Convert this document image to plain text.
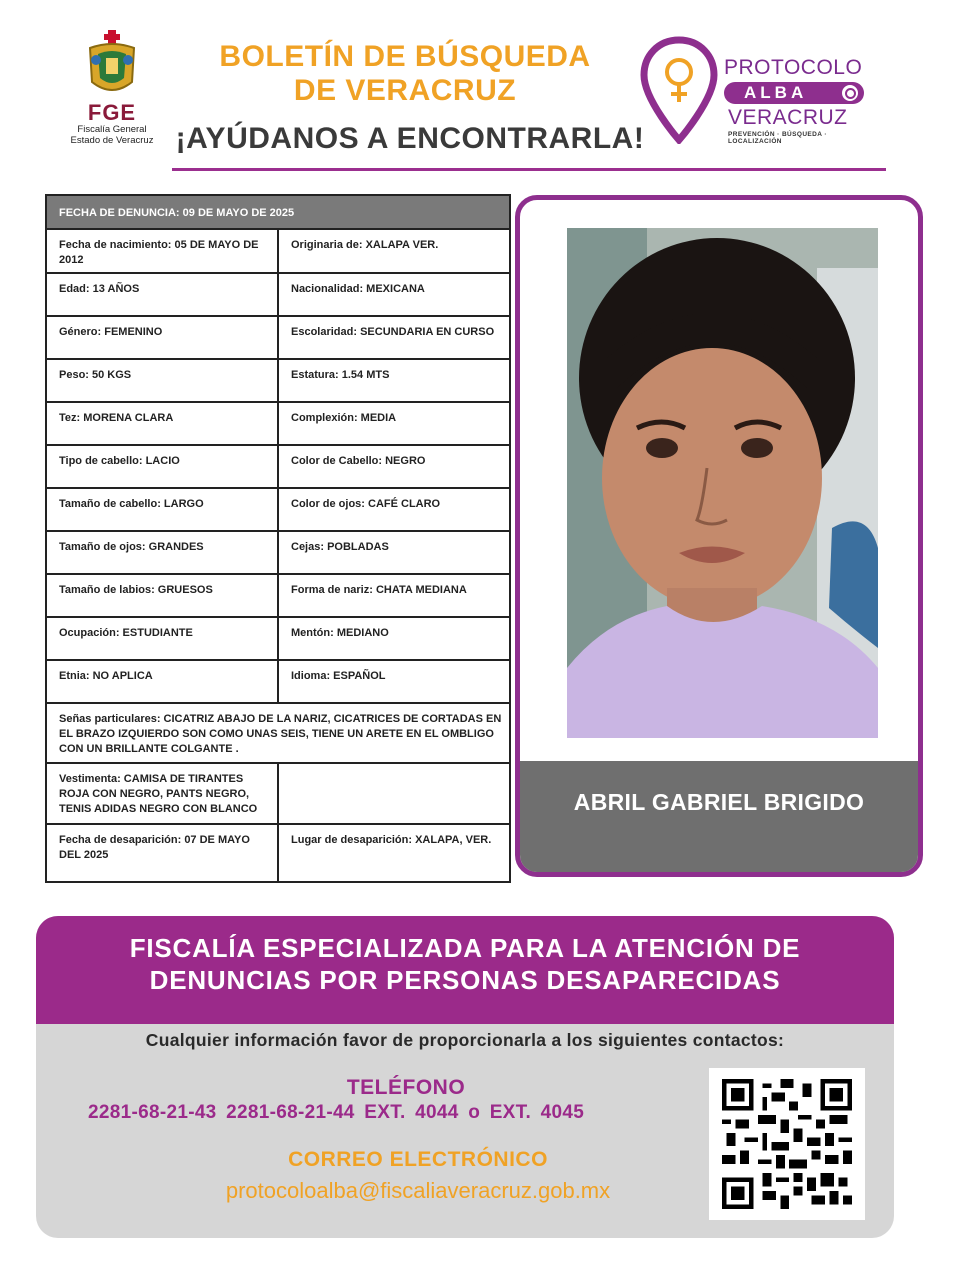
FGE
Fiscalía General
Estado de Veracruz
BOLETÍN DE BÚSQUEDA
DE VERACRUZ
¡AYÚDANOS A ENCONTRARLA!
PROTOCOLO
ALBA
VERACRUZ
PREVENCIÓN · BÚSQUEDA · LOCALIZACIÓN
FECHA DE DENUNCIA: 09 DE MAYO DE 2025	
Fecha de nacimiento: 05 DE MAYO DE 2012	Originaria de: XALAPA VER.
Edad: 13 AÑOS	Nacionalidad: MEXICANA
Género: FEMENINO	Escolaridad: SECUNDARIA EN CURSO
Peso: 50 KGS	Estatura: 1.54 MTS
Tez: MORENA CLARA	Complexión: MEDIA
Tipo de cabello: LACIO	Color de Cabello: NEGRO
Tamaño de cabello: LARGO	Color de ojos: CAFÉ CLARO
Tamaño de ojos: GRANDES	Cejas: POBLADAS
Tamaño de labios: GRUESOS	Forma de nariz: CHATA MEDIANA
Ocupación: ESTUDIANTE	Mentón: MEDIANO
Etnia: NO APLICA	Idioma: ESPAÑOL
Señas particulares: CICATRIZ ABAJO DE LA NARIZ, CICATRICES DE CORTADAS EN EL BRAZO IZQUIERDO SON COMO UNAS SEIS, TIENE UN ARETE EN EL OMBLIGO CON UN BRILLANTE COLGANTE .	
Vestimenta: CAMISA DE TIRANTES ROJA CON NEGRO, PANTS NEGRO, TENIS ADIDAS NEGRO CON BLANCO	
Fecha de desaparición: 07 DE MAYO DEL 2025	Lugar de desaparición: XALAPA, VER.
ABRIL GABRIEL BRIGIDO
FISCALÍA ESPECIALIZADA PARA LA ATENCIÓN DE
DENUNCIAS POR PERSONAS DESAPARECIDAS
Cualquier información favor de proporcionarla a los siguientes contactos:
TELÉFONO
2281-68-21-43 2281-68-21-44 EXT. 4044 o EXT. 4045
CORREO ELECTRÓNICO
protocoloalba@fiscaliaveracruz.gob.mx
